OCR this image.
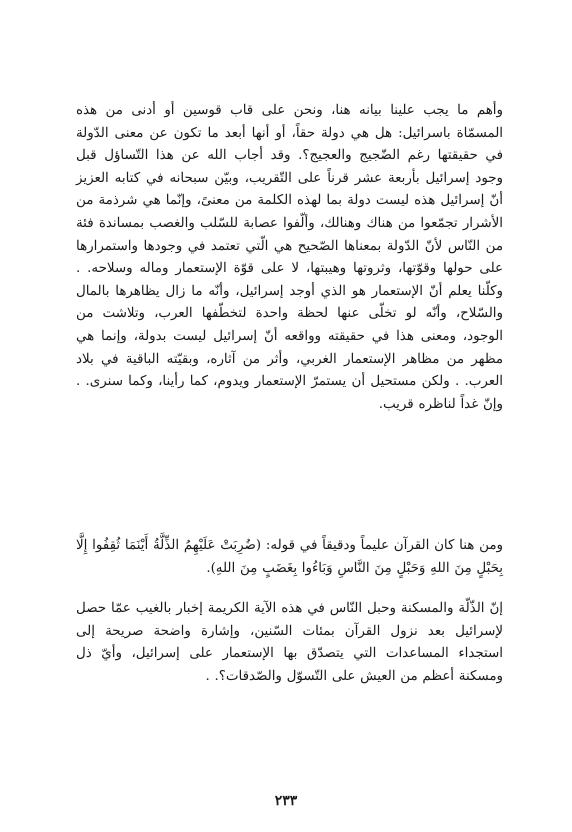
وأهم ما يجب علينا بيانه هنا، ونحن على قاب قوسين أو أدنى من هذه المسمّاة باسرائيل: هل هي دولة حقاً، أو أنها أبعد ما تكون عن معنى الدّولة في حقيقتها رغم الضّجيج والعجيج؟. وقد أجاب الله عن هذا التّساؤل قبل وجود إسرائيل بأربعة عشر قرناً على التّقريب، وبيّن سبحانه في كتابه العزيز أنّ إسرائيل هذه ليست دولة بما لهذه الكلمة من معنىً، وإنّما هي شرذمة من الأشرار تجمّعوا من هناك وهنالك، وألّفوا عصابة للسّلب والغصب بمساندة فئة من النّاس لأنّ الدّولة بمعناها الصّحيح هي الّتي تعتمد في وجودها واستمرارها على حولها وقوّتها، وثروتها وهيبتها، لا على قوّة الإستعمار وماله وسلاحه. . وكلّنا يعلم أنّ الإستعمار هو الذي أوجد إسرائيل، وأنّه ما زال يظاهرها بالمال والسّلاح، وأنّه لو تخلّى عنها لحظة واحدة لتخطّفها العرب، وتلاشت من الوجود، ومعنى هذا في حقيقته وواقعه أنّ إسرائيل ليست بدولة، وإنما هي مظهر من مظاهر الإستعمار الغربي، وأثر من آثاره، وبقيّته الباقية في بلاد العرب. . ولكن مستحيل أن يستمرّ الإستعمار ويدوم، كما رأينا، وكما سنرى. . وإنّ غداً لناظره قريب.

ومن هنا كان القرآن عليماً ودقيقاً في قوله: (ضُرِبَتْ عَلَيْهِمُ الذِّلَّةُ أَيْنَمَا ثُقِفُوا إِلَّا بِحَبْلٍ مِنَ اللهِ وَحَبْلٍ مِنَ النَّاسِ وَبَاءُوا بِغَضَبٍ مِنَ اللهِ).

إنّ الذّلّة والمسكنة وحبل النّاس في هذه الآية الكريمة إخبار بالغيب عمّا حصل لإسرائيل بعد نزول القرآن بمئات السّنين، وإشارة واضحة صريحة إلى استجداء المساعدات التي يتصدّق بها الإستعمار على إسرائيل، وأيّ ذل ومسكنة أعظم من العيش على التّسوّل والصّدقات؟. .

٢٣٣
